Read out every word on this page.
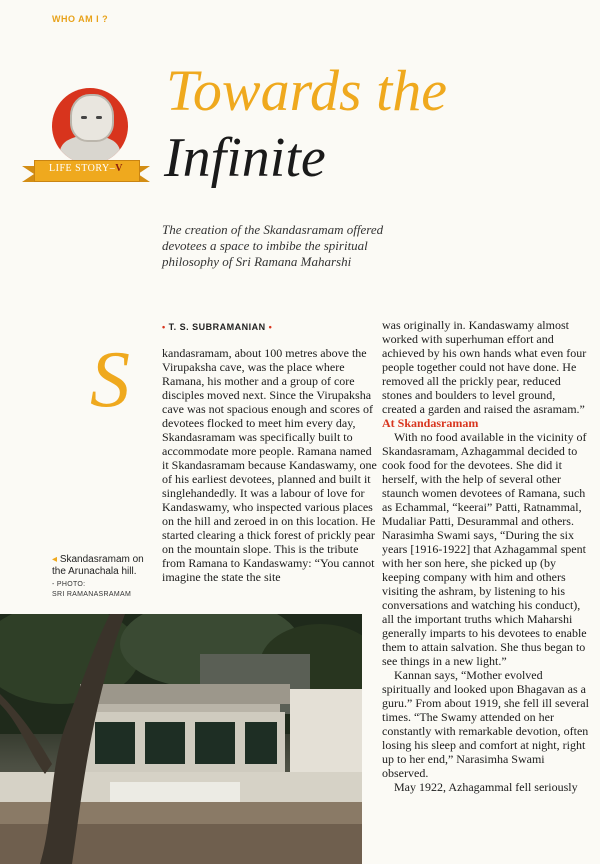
WHO AM I ?
LIFE STORY–V
Towards the
Infinite
The creation of the Skandasramam offered devotees a space to imbibe the spiritual philosophy of Sri Ramana Maharshi
• T. S. SUBRAMANIAN •
S	kandasramam, about 100 metres above the Virupaksha cave, was the place where Ramana, his mother and a group of core disciples moved next. Since the Virupaksha cave was not spacious enough and scores of devotees flocked to meet him every day, Skandasramam was specifically built to accommodate more people. Ramana named it Skandasramam because Kandaswamy, one of his earliest devotees, planned and built it singlehandedly. It was a labour of love for Kandaswamy, who inspected various places on the hill and zeroed in on this location. He started clearing a thick forest of prickly pear on the mountain slope. This is the tribute from Ramana to Kandaswamy: “You cannot imagine the state the site

was originally in. Kandaswamy almost worked with superhuman effort and achieved by his own hands what even four people together could not have done. He removed all the prickly pear, reduced stones and boulders to level ground, created a garden and raised the asramam.”

At Skandasramam

With no food available in the vicinity of Skandasramam, Azhagammal decided to cook food for the devotees. She did it herself, with the help of several other staunch women devotees of Ramana, such as Echammal, “keerai” Patti, Ratnammal, Mudaliar Patti, Desurammal and others. Narasimha Swami says, “During the six years [1916-1922] that Azhagammal spent with her son here, she picked up (by keeping company with him and others visiting the ashram, by listening to his conversations and watching his conduct), all the important truths which Maharshi generally imparts to his devotees to enable them to attain salvation. She thus began to see things in a new light.”

Kannan says, “Mother evolved spiritually and looked upon Bhagavan as a guru.” From about 1919, she fell ill several times. “The Swamy attended on her constantly with remarkable devotion, often losing his sleep and comfort at night, right up to her end,” Narasimha Swami observed.

May 1922, Azhagammal fell seriously

◂ Skandasramam on the Arunachala hill.
- PHOTO:
SRI RAMANASRAMAM
